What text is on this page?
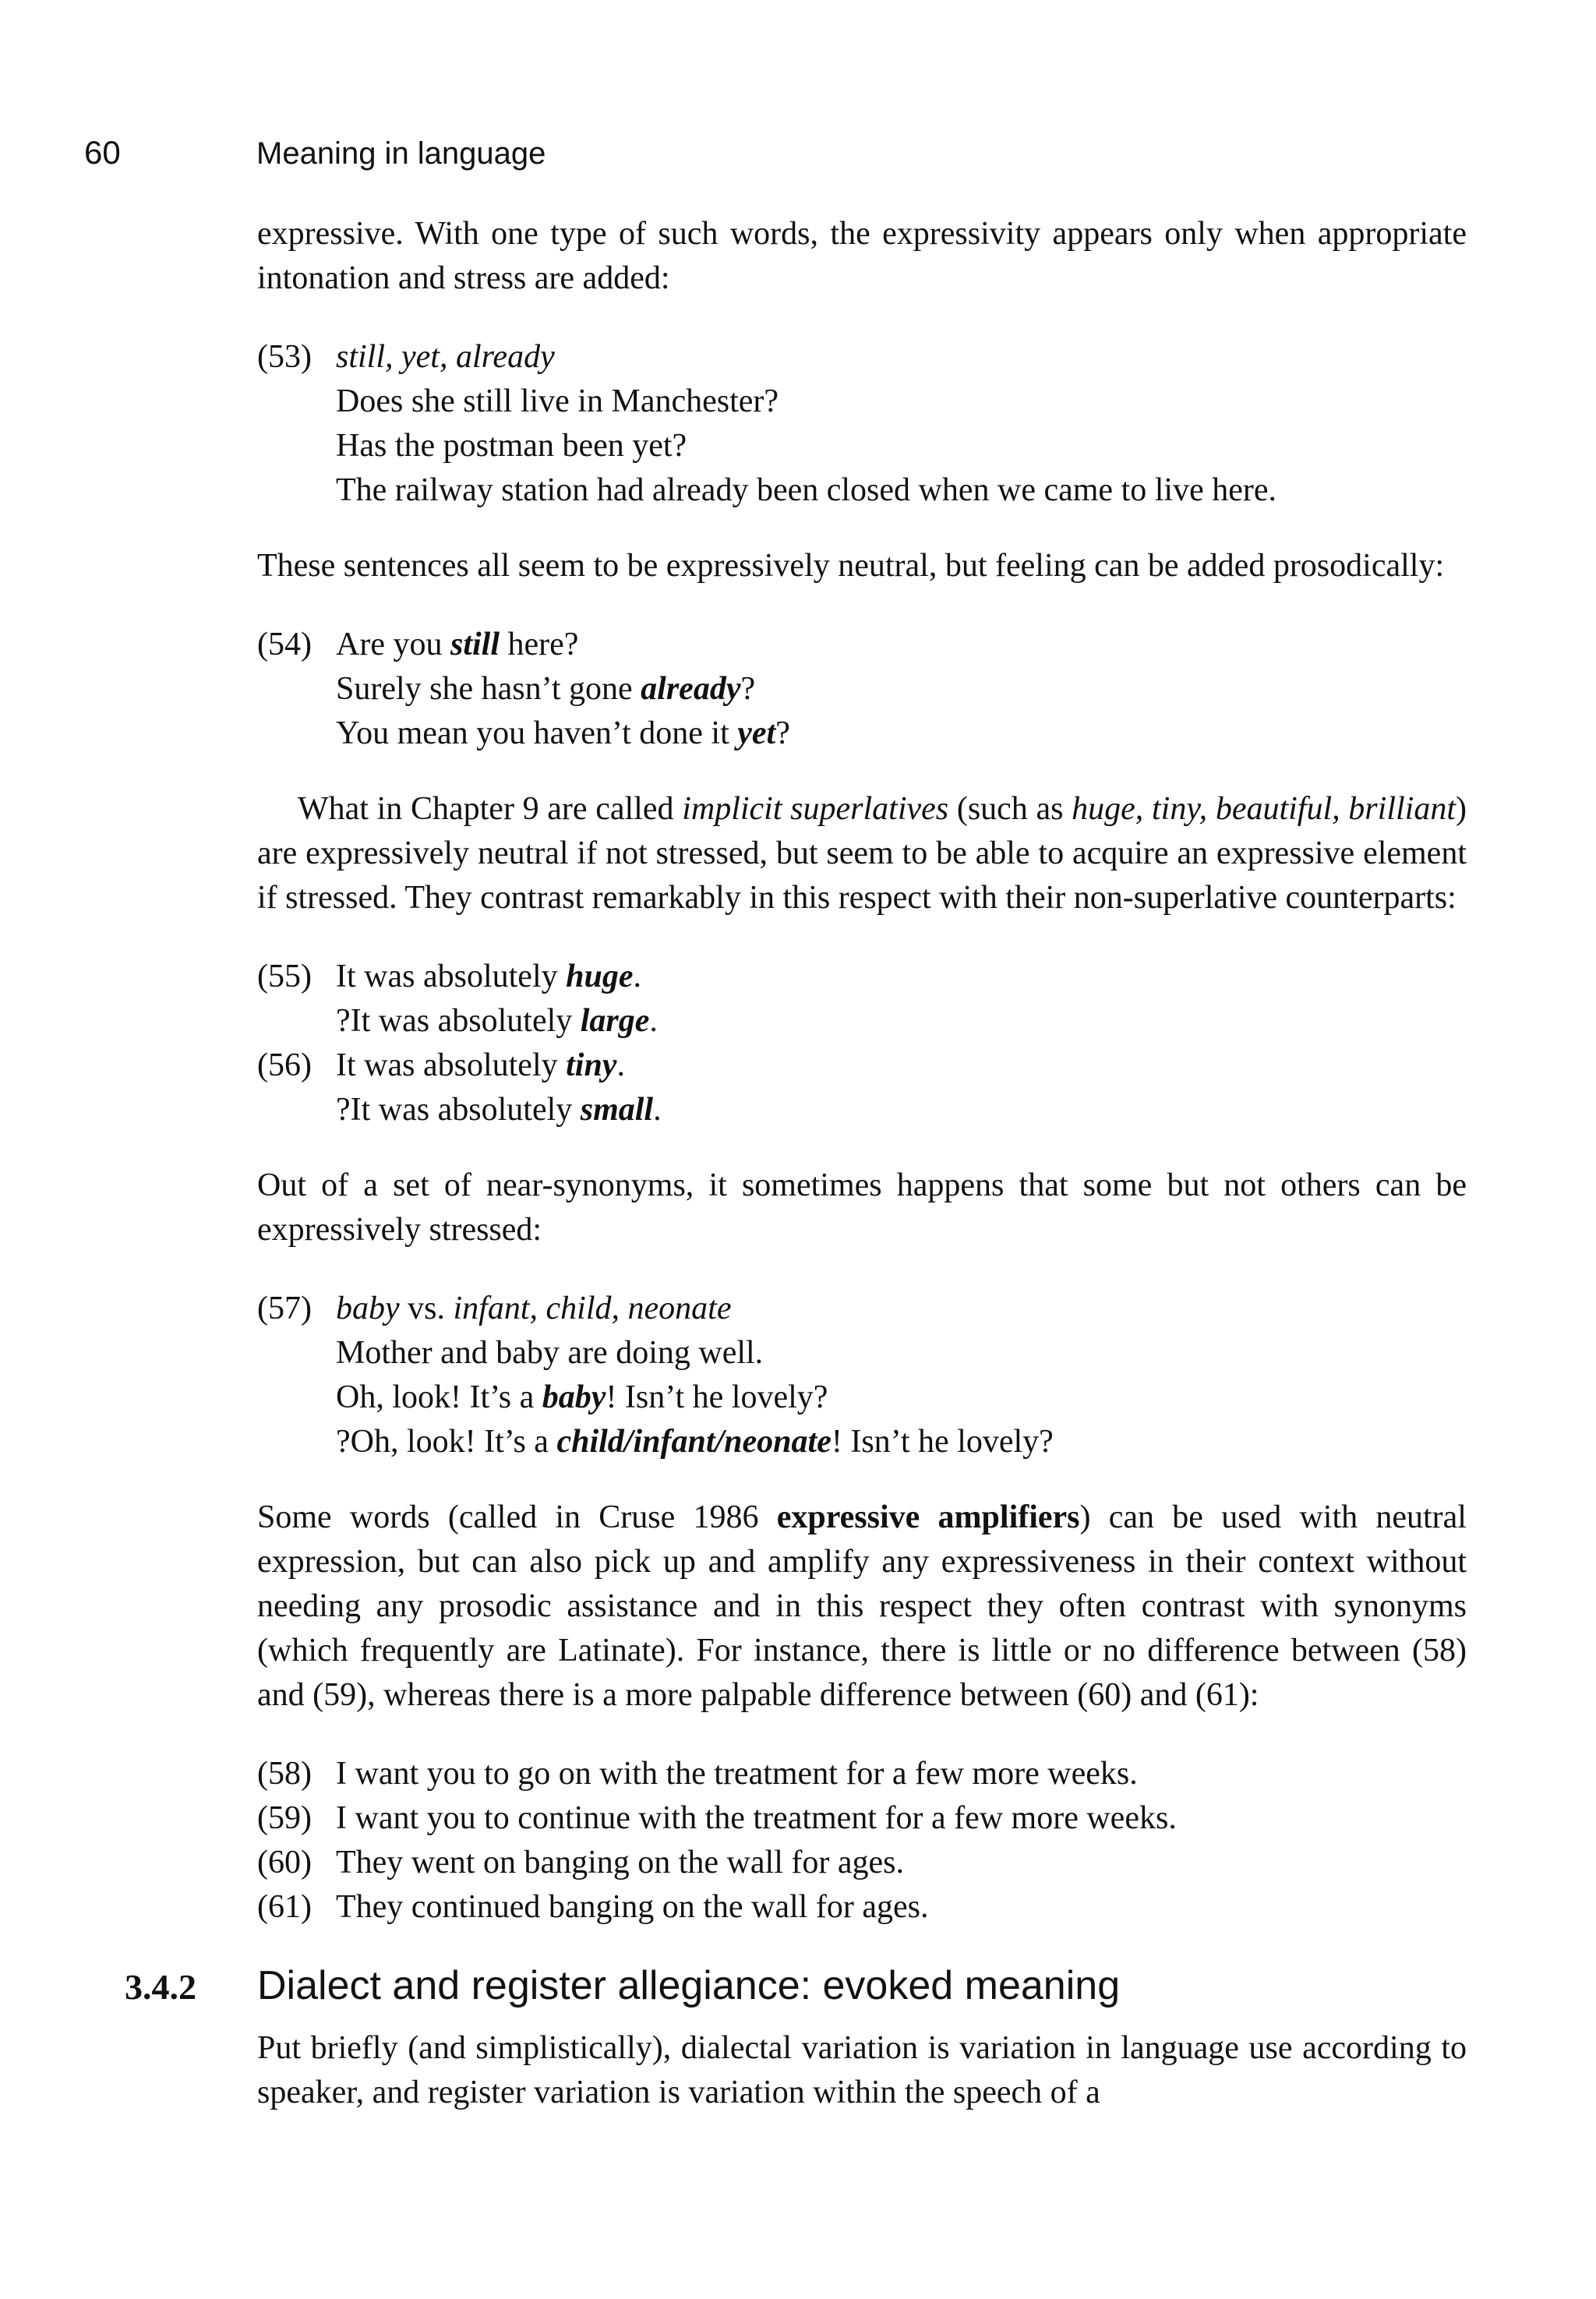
60	Meaning in language

expressive. With one type of such words, the expressivity appears only when appropriate intonation and stress are added:

(53) still, yet, already
Does she still live in Manchester?
Has the postman been yet?
The railway station had already been closed when we came to live here.

These sentences all seem to be expressively neutral, but feeling can be added prosodically:

(54) Are you still here?
Surely she hasn’t gone already?
You mean you haven’t done it yet?

What in Chapter 9 are called implicit superlatives (such as huge, tiny, beautiful, brilliant) are expressively neutral if not stressed, but seem to be able to acquire an expressive element if stressed. They contrast remarkably in this respect with their non-superlative counterparts:

(55) It was absolutely huge.
?It was absolutely large.
(56) It was absolutely tiny.
?It was absolutely small.

Out of a set of near-synonyms, it sometimes happens that some but not others can be expressively stressed:

(57) baby vs. infant, child, neonate
Mother and baby are doing well.
Oh, look! It’s a baby! Isn’t he lovely?
?Oh, look! It’s a child/infant/neonate! Isn’t he lovely?

Some words (called in Cruse 1986 expressive amplifiers) can be used with neutral expression, but can also pick up and amplify any expressiveness in their context without needing any prosodic assistance and in this respect they often contrast with synonyms (which frequently are Latinate). For instance, there is little or no difference between (58) and (59), whereas there is a more palpable difference between (60) and (61):

(58) I want you to go on with the treatment for a few more weeks.
(59) I want you to continue with the treatment for a few more weeks.
(60) They went on banging on the wall for ages.
(61) They continued banging on the wall for ages.
3.4.2	Dialect and register allegiance: evoked meaning

Put briefly (and simplistically), dialectal variation is variation in language use according to speaker, and register variation is variation within the speech of a
